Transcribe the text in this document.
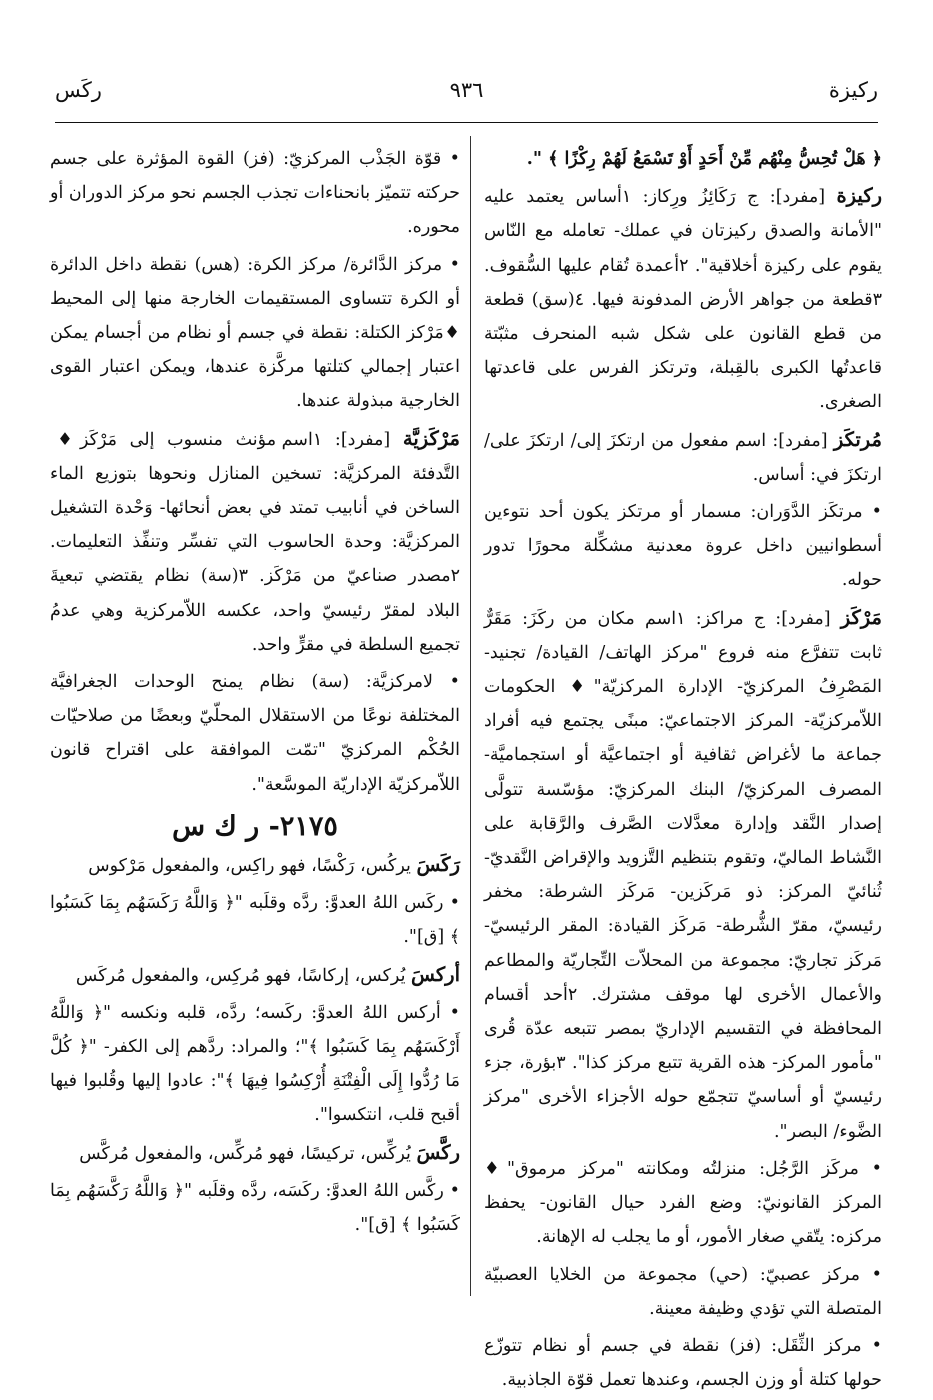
ركيزة
٩٣٦
ركَس

﴿ هَلْ تُحِسُّ مِنْهُم مِّنْ أَحَدٍ أَوْ تَسْمَعُ لَهُمْ رِكْزًا ﴾ ".

ركيزة [مفرد]: ج رَكَائِزُ ورِكاز: ١أساس يعتمد عليه "الأمانة والصدق ركيزتان في عملك- تعامله مع النّاس يقوم على ركيزة أخلاقية". ٢أعمدة تُقام عليها السُّقوف. ٣قطعة من جواهر الأرض المدفونة فيها. ٤(سق) قطعة من قطع القانون على شكل شبه المنحرف مثبّتة قاعدتُها الكبرى بالقِبلة، وترتكز الفرس على قاعدتها الصغرى.

مُرتكَز [مفرد]: اسم مفعول من ارتكزَ إلى/ ارتكزَ على/ ارتكزَ في: أساس.

• مرتكَز الدَّوَران: مسمار أو مرتكز يكون أحد نتوءين أسطوانيين داخل عروة معدنية مشكِّلة محورًا تدور حوله.

مَرْكَز [مفرد]: ج مراكز: ١اسم مكان من ركَزَ: مَقَرٌّ ثابت تتفرَّع منه فروع "مركز الهاتف/ القيادة/ تجنيد- المَصْرِفُ المركزيّ- الإدارة المركزيّة"♦ الحكومات اللاّمركزيّة- المركز الاجتماعيّ: مبنًى يجتمع فيه أفراد جماعة ما لأغراض ثقافية أو اجتماعيَّة أو استجماميَّة- المصرف المركزيّ/ البنك المركزيّ: مؤسّسة تتولَّى إصدار النَّقد وإدارة معدَّلات الصَّرف والرَّقابة على النَّشاط الماليّ، وتقوم بتنظيم التَّزويد والإقراض النَّقديّ- ثُنائيّ المركز: ذو مَركَزين- مَركَز الشرطة: مخفر رئيسيّ، مقرّ الشُّرطة- مَركَز القيادة: المقر الرئيسيّ- مَركَز تجاريّ: مجموعة من المحلاّت التِّجاريّة والمطاعم والأعمال الأخرى لها موقف مشترك. ٢أحد أقسام المحافظة في التقسيم الإداريّ بمصر تتبعه عدّة قُرى "مأمور المركز- هذه القرية تتبع مركز كذا". ٣بؤرة، جزء رئيسيّ أو أساسيّ تتجمّع حوله الأجزاء الأخرى "مركز الضَّوء/ البصر".

• مركَز الرَّجُل: منزلتُه ومكانته "مركز مرموق"♦ المركز القانونيّ: وضع الفرد حيال القانون- يحفظ مركزه: يتّقي صغار الأمور، أو ما يجلب له الإهانة.

• مركز عصبيّ: (حي) مجموعة من الخلايا العصبيّة المتصلة التي تؤدي وظيفة معينة.

• مركز الثِّقَل: (فز) نقطة في جسم أو نظام تتوزّع حولها كتلة أو وزن الجسم، وعندها تعمل قوّة الجاذبية.

• قوّة الجَذْب المركزيّ: (فز) القوة المؤثرة على جسم حركته تتميّز بانحناءات تجذب الجسم نحو مركز الدوران أو محوره.

• مركز الدَّائرة/ مركز الكرة: (هس) نقطة داخل الدائرة أو الكرة تتساوى المستقيمات الخارجة منها إلى المحيط ♦مَرْكز الكتلة: نقطة في جسم أو نظام من أجسام يمكن اعتبار إجمالي كتلتها مركَّزة عندها، ويمكن اعتبار القوى الخارجية مبذولة عندها.

مَرْكَزيَّة [مفرد]: ١اسم مؤنث منسوب إلى مَرْكَز♦ التَّدفئة المركزيَّة: تسخين المنازل ونحوها بتوزيع الماء الساخن في أنابيب تمتد في بعض أنحائها- وَحْدة التشغيل المركزيَّة: وحدة الحاسوب التي تفسِّر وتنفِّذ التعليمات. ٢مصدر صناعيّ من مَرْكَز. ٣(سة) نظام يقتضي تبعيةَ البلاد لمقرّ رئيسيّ واحد، عكسه اللاّمركزية وهي عدمُ تجميع السلطة في مقرٍّ واحد.

• لامركزيَّة: (سة) نظام يمنح الوحدات الجغرافيَّة المختلفة نوعًا من الاستقلال المحلّيّ وبعضًا من صلاحيّات الحُكْم المركزيّ "تمّت الموافقة على اقتراح قانون اللاّمركزيّة الإداريّة الموسَّعة".

٢١٧٥- ر ك س

رَكَسَ يركُس، رَكْسًا، فهو راكِس، والمفعول مَرْكوس

• ركَس اللهُ العدوَّ: ردَّه وقلَبه "﴿ وَاللَّهُ رَكَسَهُم بِمَا كَسَبُوا ﴾ [ق]".

أركسَ يُركس، إركاسًا، فهو مُركِس، والمفعول مُركَس

• أركس اللهُ العدوَّ: ركَسه؛ ردَّه، قلبه ونكسه "﴿ وَاللَّهُ أَرْكَسَهُم بِمَا كَسَبُوا ﴾"؛ والمراد: ردَّهم إلى الكفر- "﴿ كُلَّ مَا رُدُّوا إِلَى الْفِتْنَةِ أُرْكِسُوا فِيهَا ﴾": عادوا إليها وقُلبوا فيها أقبح قلب، انتكسوا".

ركَّسَ يُركِّس، تركيسًا، فهو مُركِّس، والمفعول مُركَّس

• ركَّس اللهُ العدوَّ: ركَسَه، ردَّه وقلَبه "﴿ وَاللَّهُ رَكَّسَهُم بِمَا كَسَبُوا ﴾ [ق]".
